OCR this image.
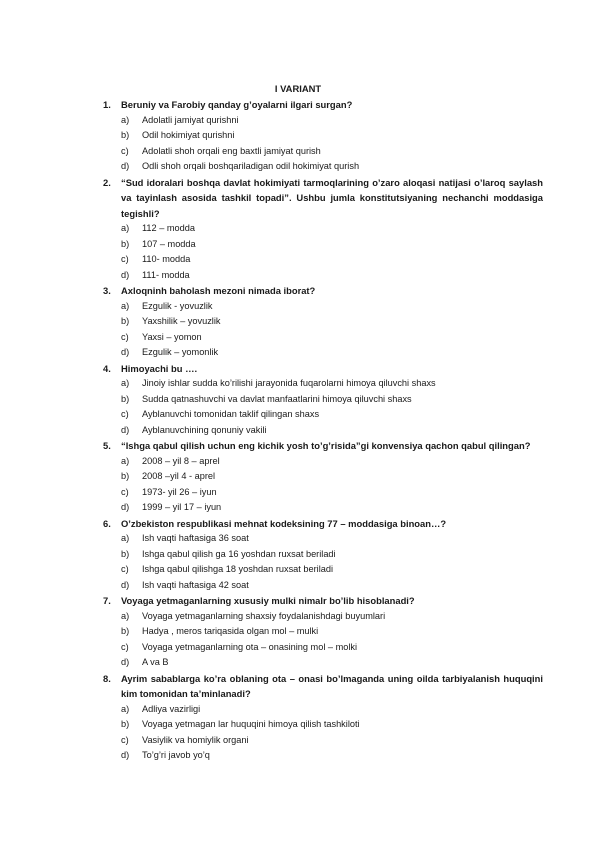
I VARIANT
1. Beruniy va Farobiy qanday g’oyalarni ilgari surgan?
a) Adolatli jamiyat qurishni
b) Odil hokimiyat qurishni
c) Adolatli shoh orqali eng baxtli jamiyat qurish
d) Odli shoh orqali boshqariladigan odil hokimiyat qurish
2. “Sud idoralari boshqa davlat hokimiyati tarmoqlarining o’zaro aloqasi natijasi o’laroq saylash va tayinlash asosida tashkil topadi”. Ushbu jumla konstitutsiyaning nechanchi moddasiga tegishli?
a) 112 – modda
b) 107 – modda
c) 110- modda
d) 111- modda
3. Axloqninh baholash mezoni nimada iborat?
a) Ezgulik - yovuzlik
b) Yaxshilik – yovuzlik
c) Yaxsi – yomon
d) Ezgulik – yomonlik
4. Himoyachi bu ….
a) Jinoiy ishlar sudda ko’rilishi jarayonida fuqarolarni himoya qiluvchi shaxs
b) Sudda qatnashuvchi va davlat manfaatlarini himoya qiluvchi shaxs
c) Ayblanuvchi tomonidan taklif qilingan shaxs
d) Ayblanuvchining qonuniy vakili
5. “Ishga qabul qilish uchun eng kichik yosh to’g’risida”gi konvensiya qachon qabul qilingan?
a) 2008 – yil 8 – aprel
b) 2008 –yil 4 - aprel
c) 1973- yil 26 – iyun
d) 1999 – yil 17 – iyun
6. O’zbekiston respublikasi mehnat kodeksining 77 – moddasiga binoan…?
a) Ish vaqti haftasiga 36 soat
b) Ishga qabul qilish ga 16 yoshdan ruxsat beriladi
c) Ishga qabul qilishga 18 yoshdan ruxsat beriladi
d) Ish vaqti haftasiga 42 soat
7. Voyaga yetmaganlarning xususiy mulki nimalr bo’lib hisoblanadi?
a) Voyaga yetmaganlarning shaxsiy foydalanishdagi buyumlari
b) Hadya , meros tariqasida olgan mol – mulki
c) Voyaga yetmaganlarning ota – onasining mol – molki
d) A va B
8. Ayrim sabablarga ko’ra oblaning ota – onasi bo’lmaganda uning oilda tarbiyalanish huquqini kim tomonidan ta’minlanadi?
a) Adliya vazirligi
b) Voyaga yetmagan lar huquqini himoya qilish tashkiloti
c) Vasiylik va homiylik organi
d) To’g’ri javob yo’q
